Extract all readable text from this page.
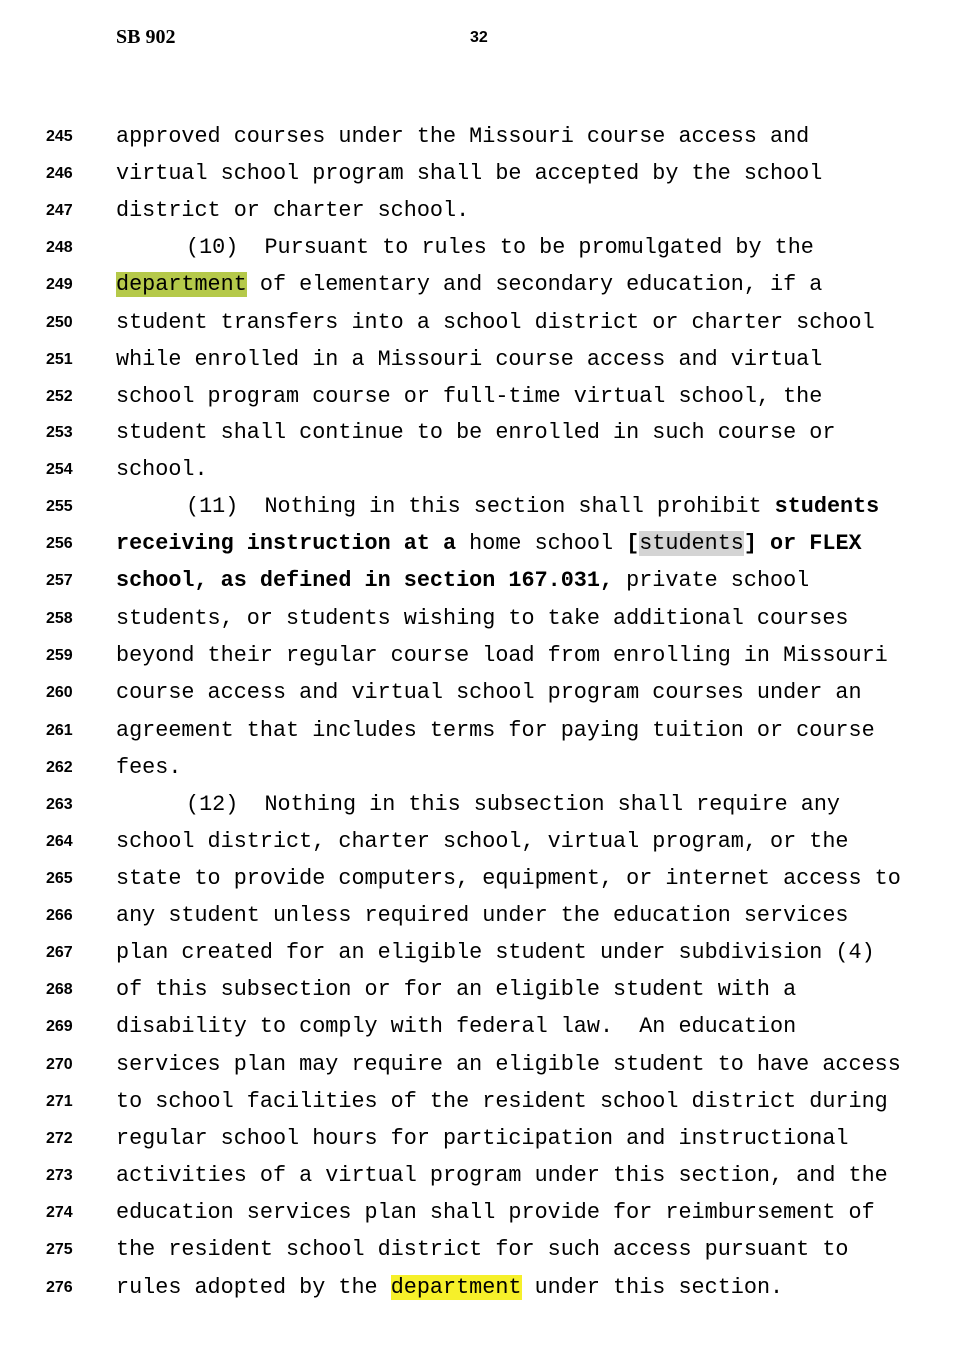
SB 902	32
245	approved courses under the Missouri course access and
246	virtual school program shall be accepted by the school
247	district or charter school.
248	(10)  Pursuant to rules to be promulgated by the
249	department of elementary and secondary education, if a
250	student transfers into a school district or charter school
251	while enrolled in a Missouri course access and virtual
252	school program course or full-time virtual school, the
253	student shall continue to be enrolled in such course or
254	school.
255	(11)  Nothing in this section shall prohibit students
256	receiving instruction at a home school [students] or FLEX
257	school, as defined in section 167.031, private school
258	students, or students wishing to take additional courses
259	beyond their regular course load from enrolling in Missouri
260	course access and virtual school program courses under an
261	agreement that includes terms for paying tuition or course
262	fees.
263	(12)  Nothing in this subsection shall require any
264	school district, charter school, virtual program, or the
265	state to provide computers, equipment, or internet access to
266	any student unless required under the education services
267	plan created for an eligible student under subdivision (4)
268	of this subsection or for an eligible student with a
269	disability to comply with federal law.  An education
270	services plan may require an eligible student to have access
271	to school facilities of the resident school district during
272	regular school hours for participation and instructional
273	activities of a virtual program under this section, and the
274	education services plan shall provide for reimbursement of
275	the resident school district for such access pursuant to
276	rules adopted by the department under this section.
